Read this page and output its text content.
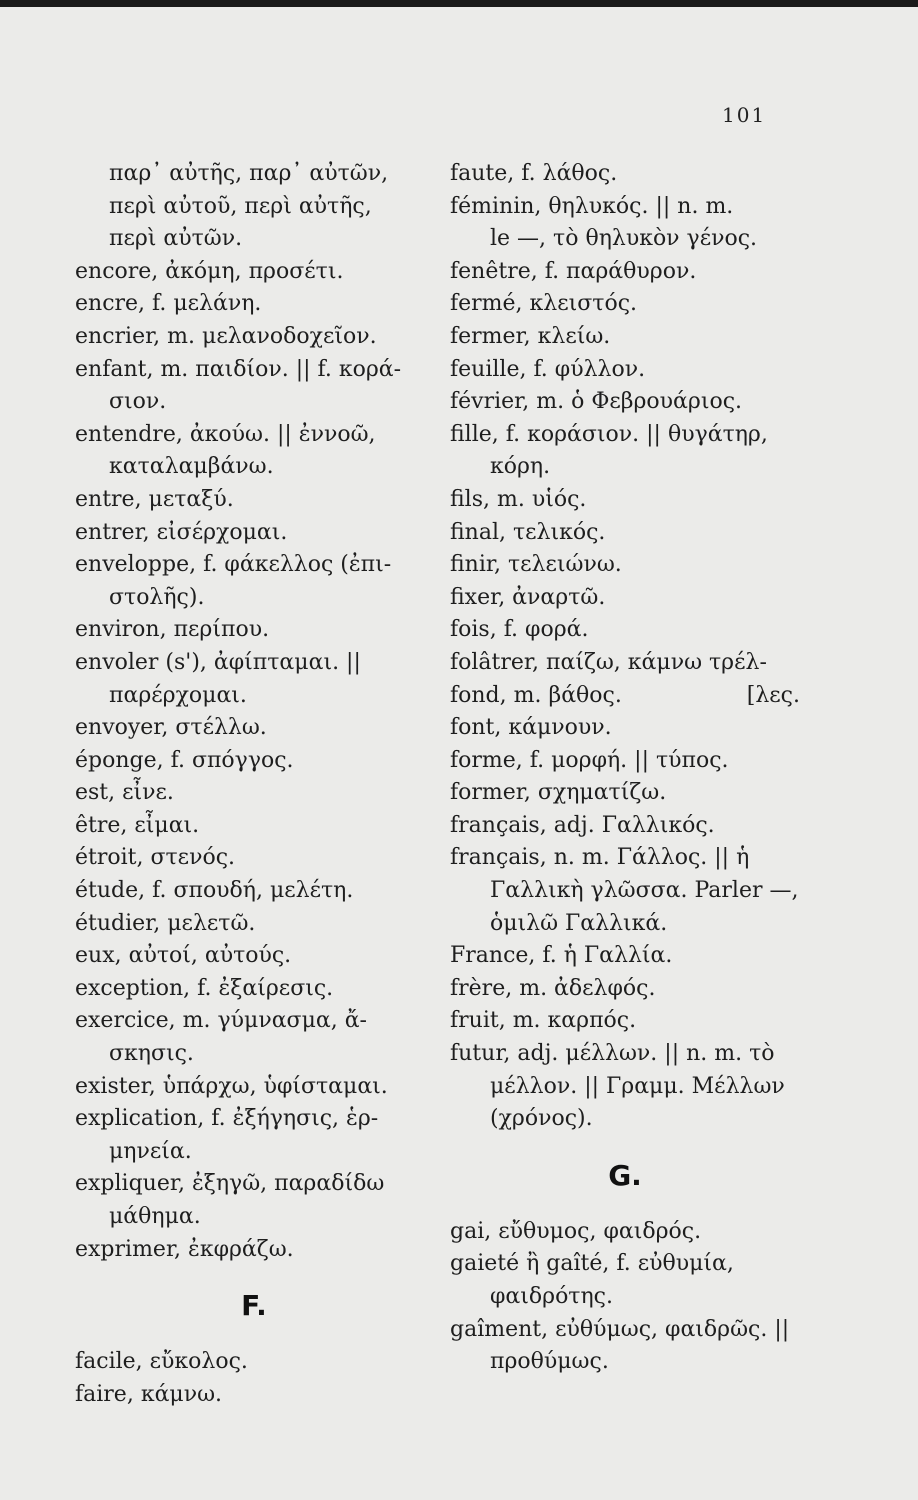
101
παρ᾽ αὐτῆς, παρ᾽ αὐτῶν,
περὶ αὐτοῦ, περὶ αὐτῆς,
περὶ αὐτῶν.
encore, ἀκόμη, προσέτι.
encre, f. μελάνη.
encrier, m. μελανοδοχεῖον.
enfant, m. παιδίον. || f. κορά-
σιον.
entendre, ἀκούω. || ἐννοῶ,
καταλαμβάνω.
entre, μεταξύ.
entrer, εἰσέρχομαι.
enveloppe, f. φάκελλος (ἐπι-
στολῆς).
environ, περίπου.
envoler (s'), ἀφίπταμαι. ||
παρέρχομαι.
envoyer, στέλλω.
éponge, f. σπόγγος.
est, εἶνε.
être, εἶμαι.
étroit, στενός.
étude, f. σπουδή, μελέτη.
étudier, μελετῶ.
eux, αὐτοί, αὐτούς.
exception, f. ἐξαίρεσις.
exercice, m. γύμνασμα, ἄ-
σκησις.
exister, ὑπάρχω, ὑφίσταμαι.
explication, f. ἐξήγησις, ἑρ-
μηνεία.
expliquer, ἐξηγῶ, παραδίδω
μάθημα.
exprimer, ἐκφράζω.
F.
facile, εὔκολος.
faire, κάμνω.
faute, f. λάθος.
féminin, θηλυκός. || n. m.
le —, τὸ θηλυκὸν γένος.
fenêtre, f. παράθυρον.
fermé, κλειστός.
fermer, κλείω.
feuille, f. φύλλον.
février, m. ὁ Φεβρουάριος.
fille, f. κοράσιον. || θυγάτηρ,
κόρη.
fils, m. υἱός.
final, τελικός.
finir, τελειώνω.
fixer, ἀναρτῶ.
fois, f. φορά.
folâtrer, παίζω, κάμνω τρέλ-
fond, m. βάθος.	[λες.
font, κάμνουν.
forme, f. μορφή. || τύπος.
former, σχηματίζω.
français, adj. Γαλλικός.
français, n. m. Γάλλος. || ἡ
Γαλλικὴ γλῶσσα. Parler —,
ὁμιλῶ Γαλλικά.
France, f. ἡ Γαλλία.
frère, m. ἀδελφός.
fruit, m. καρπός.
futur, adj. μέλλων. || n. m. τὸ
μέλλον. || Γραμμ. Μέλλων
(χρόνος).
G.
gai, εὔθυμος, φαιδρός.
gaieté ἢ gaîté, f. εὐθυμία,
φαιδρότης.
gaîment, εὐθύμως, φαιδρῶς. ||
προθύμως.
